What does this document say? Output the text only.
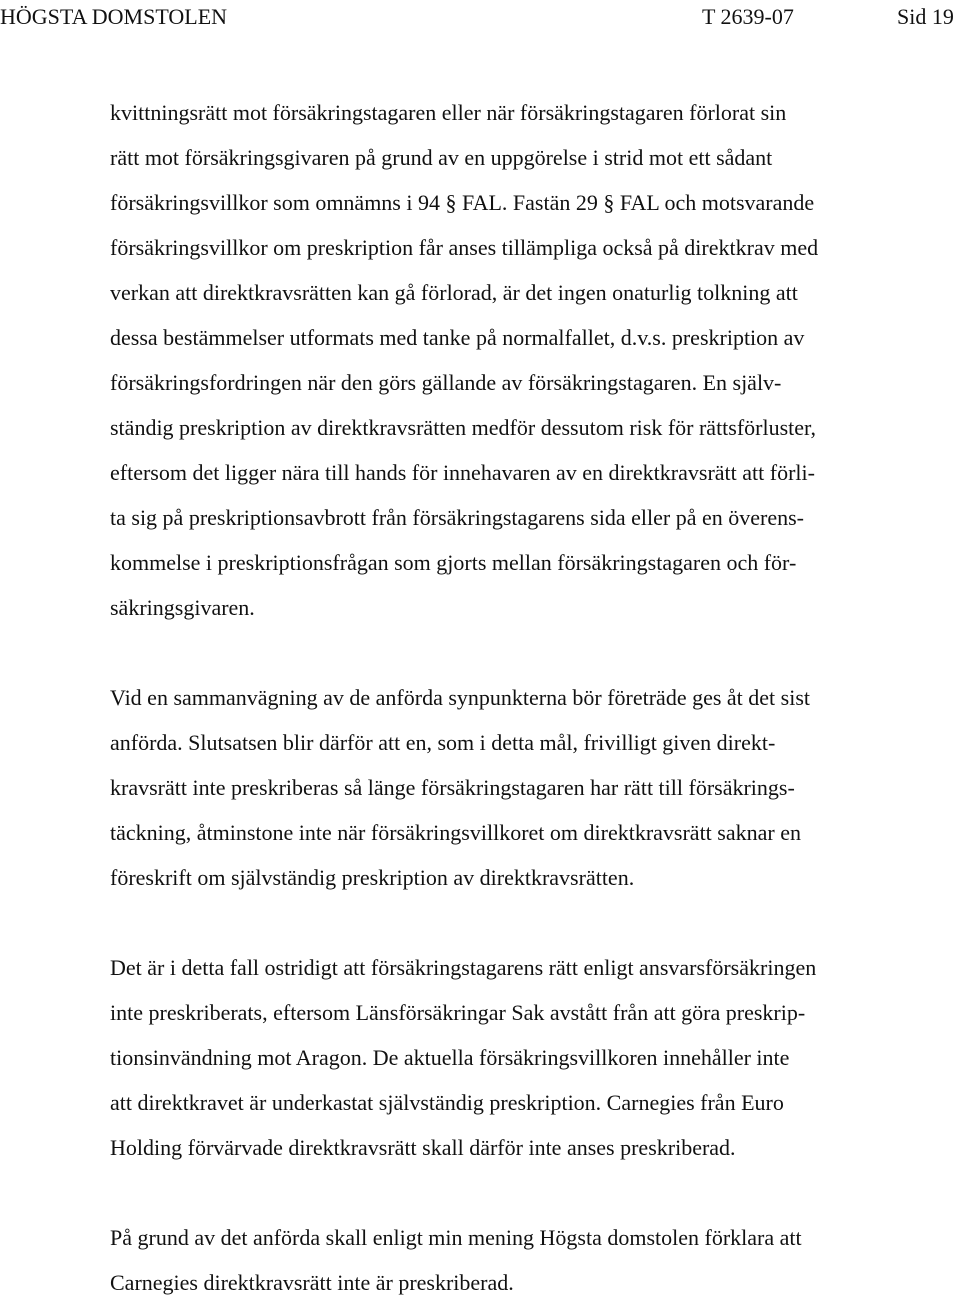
HÖGSTA DOMSTOLEN	T 2639-07	Sid 19
kvittningsrätt mot försäkringstagaren eller när försäkringstagaren förlorat sin
rätt mot försäkringsgivaren på grund av en uppgörelse i strid mot ett sådant
försäkringsvillkor som omnämns i 94 § FAL. Fastän 29 § FAL och motsvarande
försäkringsvillkor om preskription får anses tillämpliga också på direktkrav med
verkan att direktkravsrätten kan gå förlorad, är det ingen onaturlig tolkning att
dessa bestämmelser utformats med tanke på normalfallet, d.v.s. preskription av
försäkringsfordringen när den görs gällande av försäkringstagaren. En själv-
ständig preskription av direktkravsrätten medför dessutom risk för rättsförluster,
eftersom det ligger nära till hands för innehavaren av en direktkravsrätt att förli-
ta sig på preskriptionsavbrott från försäkringstagarens sida eller på en överens-
kommelse i preskriptionsfrågan som gjorts mellan försäkringstagaren och för-
säkringsgivaren.
Vid en sammanvägning av de anförda synpunkterna bör företräde ges åt det sist
anförda. Slutsatsen blir därför att en, som i detta mål, frivilligt given direkt-
kravsrätt inte preskriberas så länge försäkringstagaren har rätt till försäkrings-
täckning, åtminstone inte när försäkringsvillkoret om direktkravsrätt saknar en
föreskrift om självständig preskription av direktkravsrätten.
Det är i detta fall ostridigt att försäkringstagarens rätt enligt ansvarsförsäkringen
inte preskriberats, eftersom Länsförsäkringar Sak avstått från att göra preskrip-
tionsinvändning mot Aragon. De aktuella försäkringsvillkoren innehåller inte
att direktkravet är underkastat självständig preskription. Carnegies från Euro
Holding förvärvade direktkravsrätt skall därför inte anses preskriberad.
På grund av det anförda skall enligt min mening Högsta domstolen förklara att
Carnegies direktkravsrätt inte är preskriberad.
